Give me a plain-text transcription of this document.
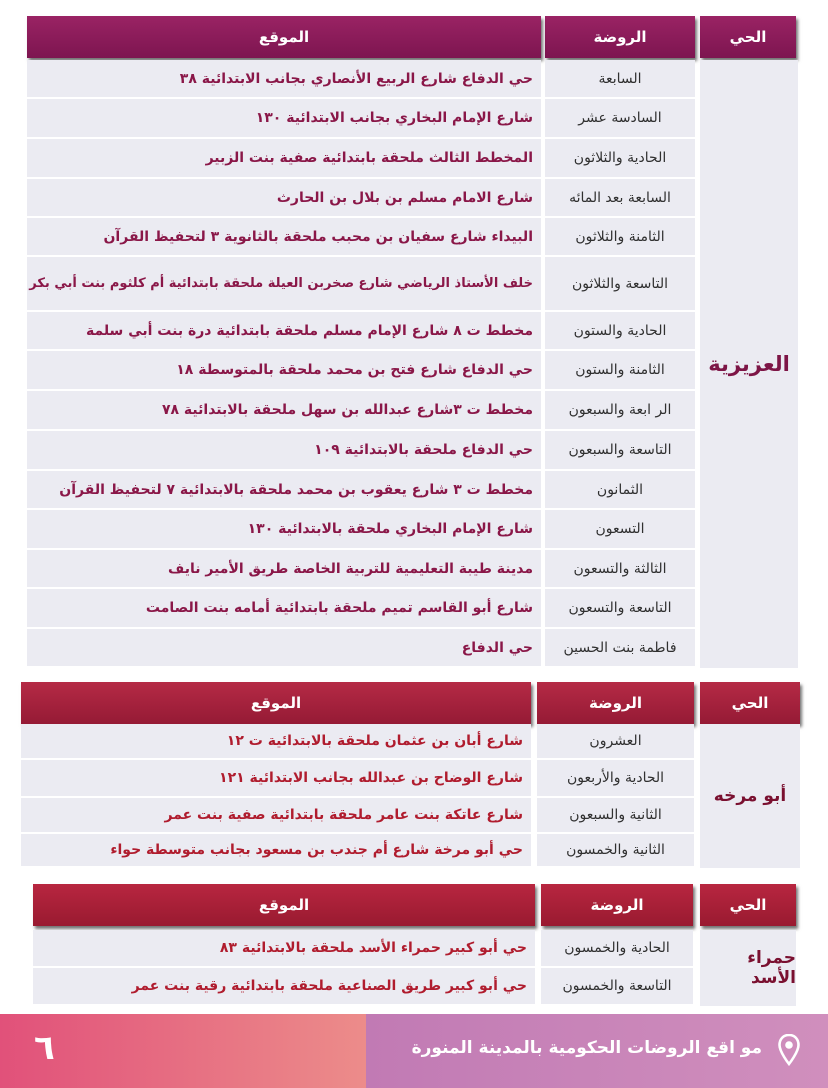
الحي
الروضة
الموقع
العزيزية
السابعة
حي الدفاع شارع الربيع الأنصاري بجانب الابتدائية ٣٨
السادسة عشر
شارع الإمام البخاري بجانب الابتدائية ١٣٠
الحادية والثلاثون
المخطط الثالث ملحقة بابتدائية صفية بنت الزبير
السابعة بعد المائه
شارع الامام مسلم بن بلال بن الحارث
الثامنة والثلاثون
البيداء شارع سفيان بن محبب ملحقة بالثانوية ٣ لتحفيظ القرآن
التاسعة والثلاثون
خلف الأستاذ الرياضي شارع صخربن العيلة ملحقة بابتدائية أم كلثوم بنت أبي بكر
الحادية والستون
مخطط ت ٨ شارع الإمام مسلم ملحقة بابتدائية درة بنت أبي سلمة
الثامنة والستون
حي الدفاع شارع فتح بن محمد ملحقة بالمتوسطة ١٨
الر ابعة والسبعون
مخطط ت ٣شارع عبدالله بن سهل ملحقة بالابتدائية ٧٨
التاسعة والسبعون
حي الدفاع ملحقة بالابتدائية ١٠٩
الثمانون
مخطط ت ٣ شارع يعقوب بن محمد ملحقة بالابتدائية ٧ لتحفيظ القرآن
التسعون
شارع الإمام البخاري ملحقة بالابتدائية ١٣٠
الثالثة والتسعون
مدينة طيبة التعليمية للتربية الخاصة طريق الأمير نايف
التاسعة والتسعون
شارع أبو القاسم تميم ملحقة بابتدائية أمامه بنت الصامت
فاطمة بنت الحسين
حي الدفاع
الحي
الروضة
الموقع
أبو مرخه
العشرون
شارع أبان بن عثمان ملحقة بالابتدائية ت ١٢
الحادية والأربعون
شارع الوضاح بن عبدالله بجانب الابتدائية ١٢١
الثانية والسبعون
شارع عاتكة بنت عامر ملحقة بابتدائية صفية بنت عمر
الثانية والخمسون
حي أبو مرخة شارع أم جندب بن مسعود بجانب متوسطة حواء
الحي
الروضة
الموقع
حمراء الأسد
الحادية والخمسون
حي أبو كبير حمراء الأسد ملحقة بالابتدائية ٨٣
التاسعة والخمسون
حي أبو كبير طريق الصناعية ملحقة بابتدائية رقية بنت عمر
٦	مو اقع الروضات الحكومية بالمدينة المنورة
